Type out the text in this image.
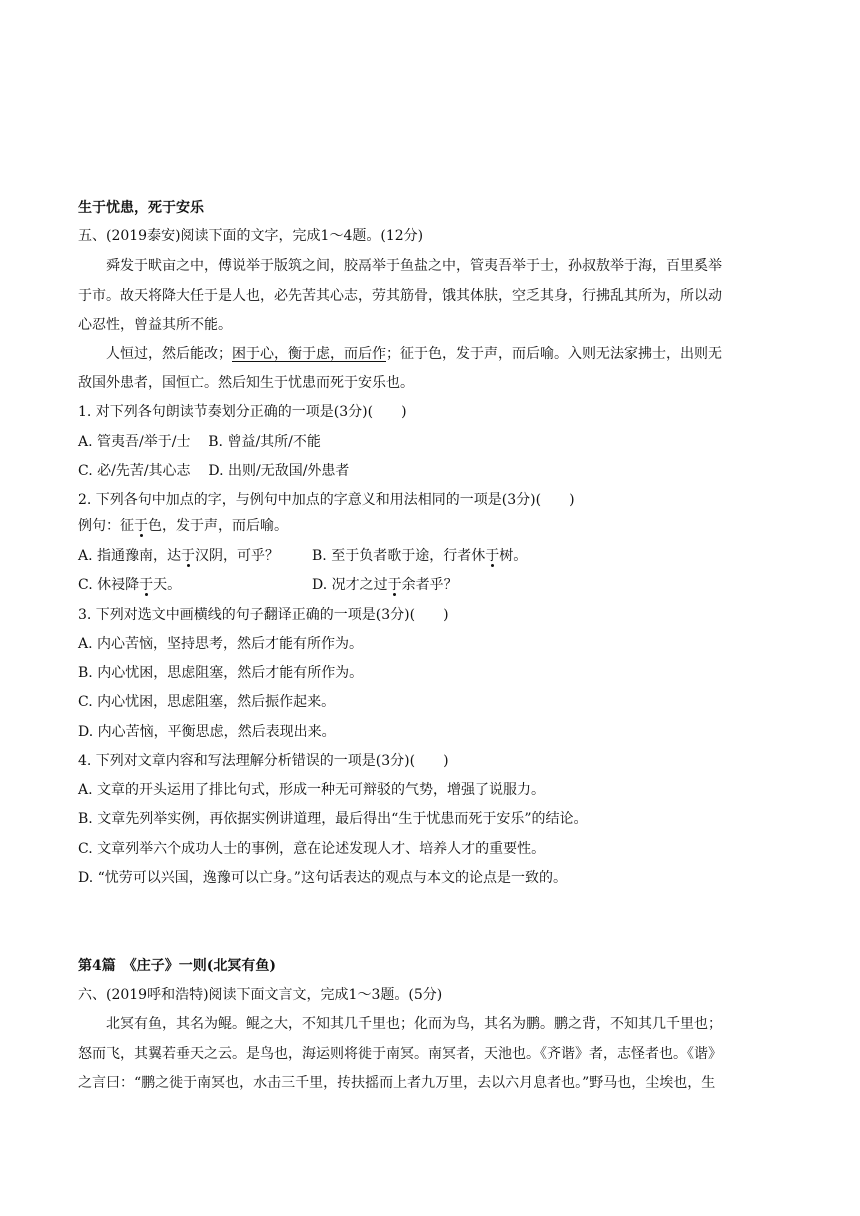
生于忧患，死于安乐
五、(2019泰安)阅读下面的文字，完成1～4题。(12分)
舜发于畎亩之中，傅说举于版筑之间，胶鬲举于鱼盐之中，管夷吾举于士，孙叔敖举于海，百里奚举
于市。故天将降大任于是人也，必先苦其心志，劳其筋骨，饿其体肤，空乏其身，行拂乱其所为，所以动
心忍性，曾益其所不能。
人恒过，然后能改；困于心，衡于虑，而后作；征于色，发于声，而后喻。入则无法家拂士，出则无
敌国外患者，国恒亡。然后知生于忧患而死于安乐也。
1. 对下列各句朗读节奏划分正确的一项是(3分)(　　)
A. 管夷吾/举于/士 B. 曾益/其所/不能
C. 必/先苦/其心志 D. 出则/无敌国/外患者
2. 下列各句中加点的字，与例句中加点的字意义和用法相同的一项是(3分)(　　)
例句：征于色，发于声，而后喻。
A. 指通豫南，达于汉阴，可乎？ B. 至于负者歌于途，行者休于树。
C. 休祲降于天。	D. 况才之过于余者乎？
3. 下列对选文中画横线的句子翻译正确的一项是(3分)(　　)
A. 内心苦恼，坚持思考，然后才能有所作为。
B. 内心忧困，思虑阻塞，然后才能有所作为。
C. 内心忧困，思虑阻塞，然后振作起来。
D. 内心苦恼，平衡思虑，然后表现出来。
4. 下列对文章内容和写法理解分析错误的一项是(3分)(　　)
A. 文章的开头运用了排比句式，形成一种无可辩驳的气势，增强了说服力。
B. 文章先列举实例，再依据实例讲道理，最后得出“生于忧患而死于安乐”的结论。
C. 文章列举六个成功人士的事例，意在论述发现人才、培养人才的重要性。
D. “忧劳可以兴国，逸豫可以亡身。”这句话表达的观点与本文的论点是一致的。
第4篇　《庄子》一则(北冥有鱼)
六、(2019呼和浩特)阅读下面文言文，完成1～3题。(5分)
北冥有鱼，其名为鲲。鲲之大，不知其几千里也；化而为鸟，其名为鹏。鹏之背，不知其几千里也；
怒而飞，其翼若垂天之云。是鸟也，海运则将徙于南冥。南冥者，天池也。《齐谐》者，志怪者也。《谐》
之言曰：“鹏之徙于南冥也，水击三千里，抟扶摇而上者九万里，去以六月息者也。”野马也，尘埃也，生
